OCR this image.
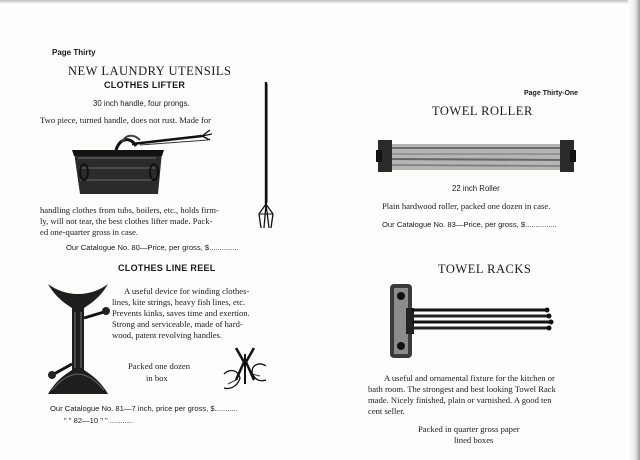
Page Thirty
NEW LAUNDRY UTENSILS
CLOTHES LIFTER
30 inch handle, four prongs.
Two piece, turned handle, does not rust. Made for
handling clothes from tubs, boilers, etc., holds firm-
ly, will not tear, the best clothes lifter made. Pack-
ed one-quarter gross in case.
Our Catalogue No. 80—Price, per gross, $..............
CLOTHES LINE REEL
A useful device for winding clothes-
lines, kite strings, heavy fish lines, etc.
Prevents kinks, saves time and exertion.
Strong and serviceable, made of hard-
wood, patent revolving handles.
Packed one dozen
in box
Our Catalogue No. 81—7 inch, price per gross, $...........
" " 82—10 " " ...........
Page Thirty-One
TOWEL ROLLER
22 inch Roller
Plain hardwood roller, packed one dozen in case.
Our Catalogue No. 83—Price, per gross, $...............
TOWEL RACKS
A useful and ornamental fixture for the kitchen or
bath room. The strongest and best looking Towel Rack
made. Nicely finished, plain or varnished. A good ten
cent seller.
Packed in quarter gross paper
lined boxes
